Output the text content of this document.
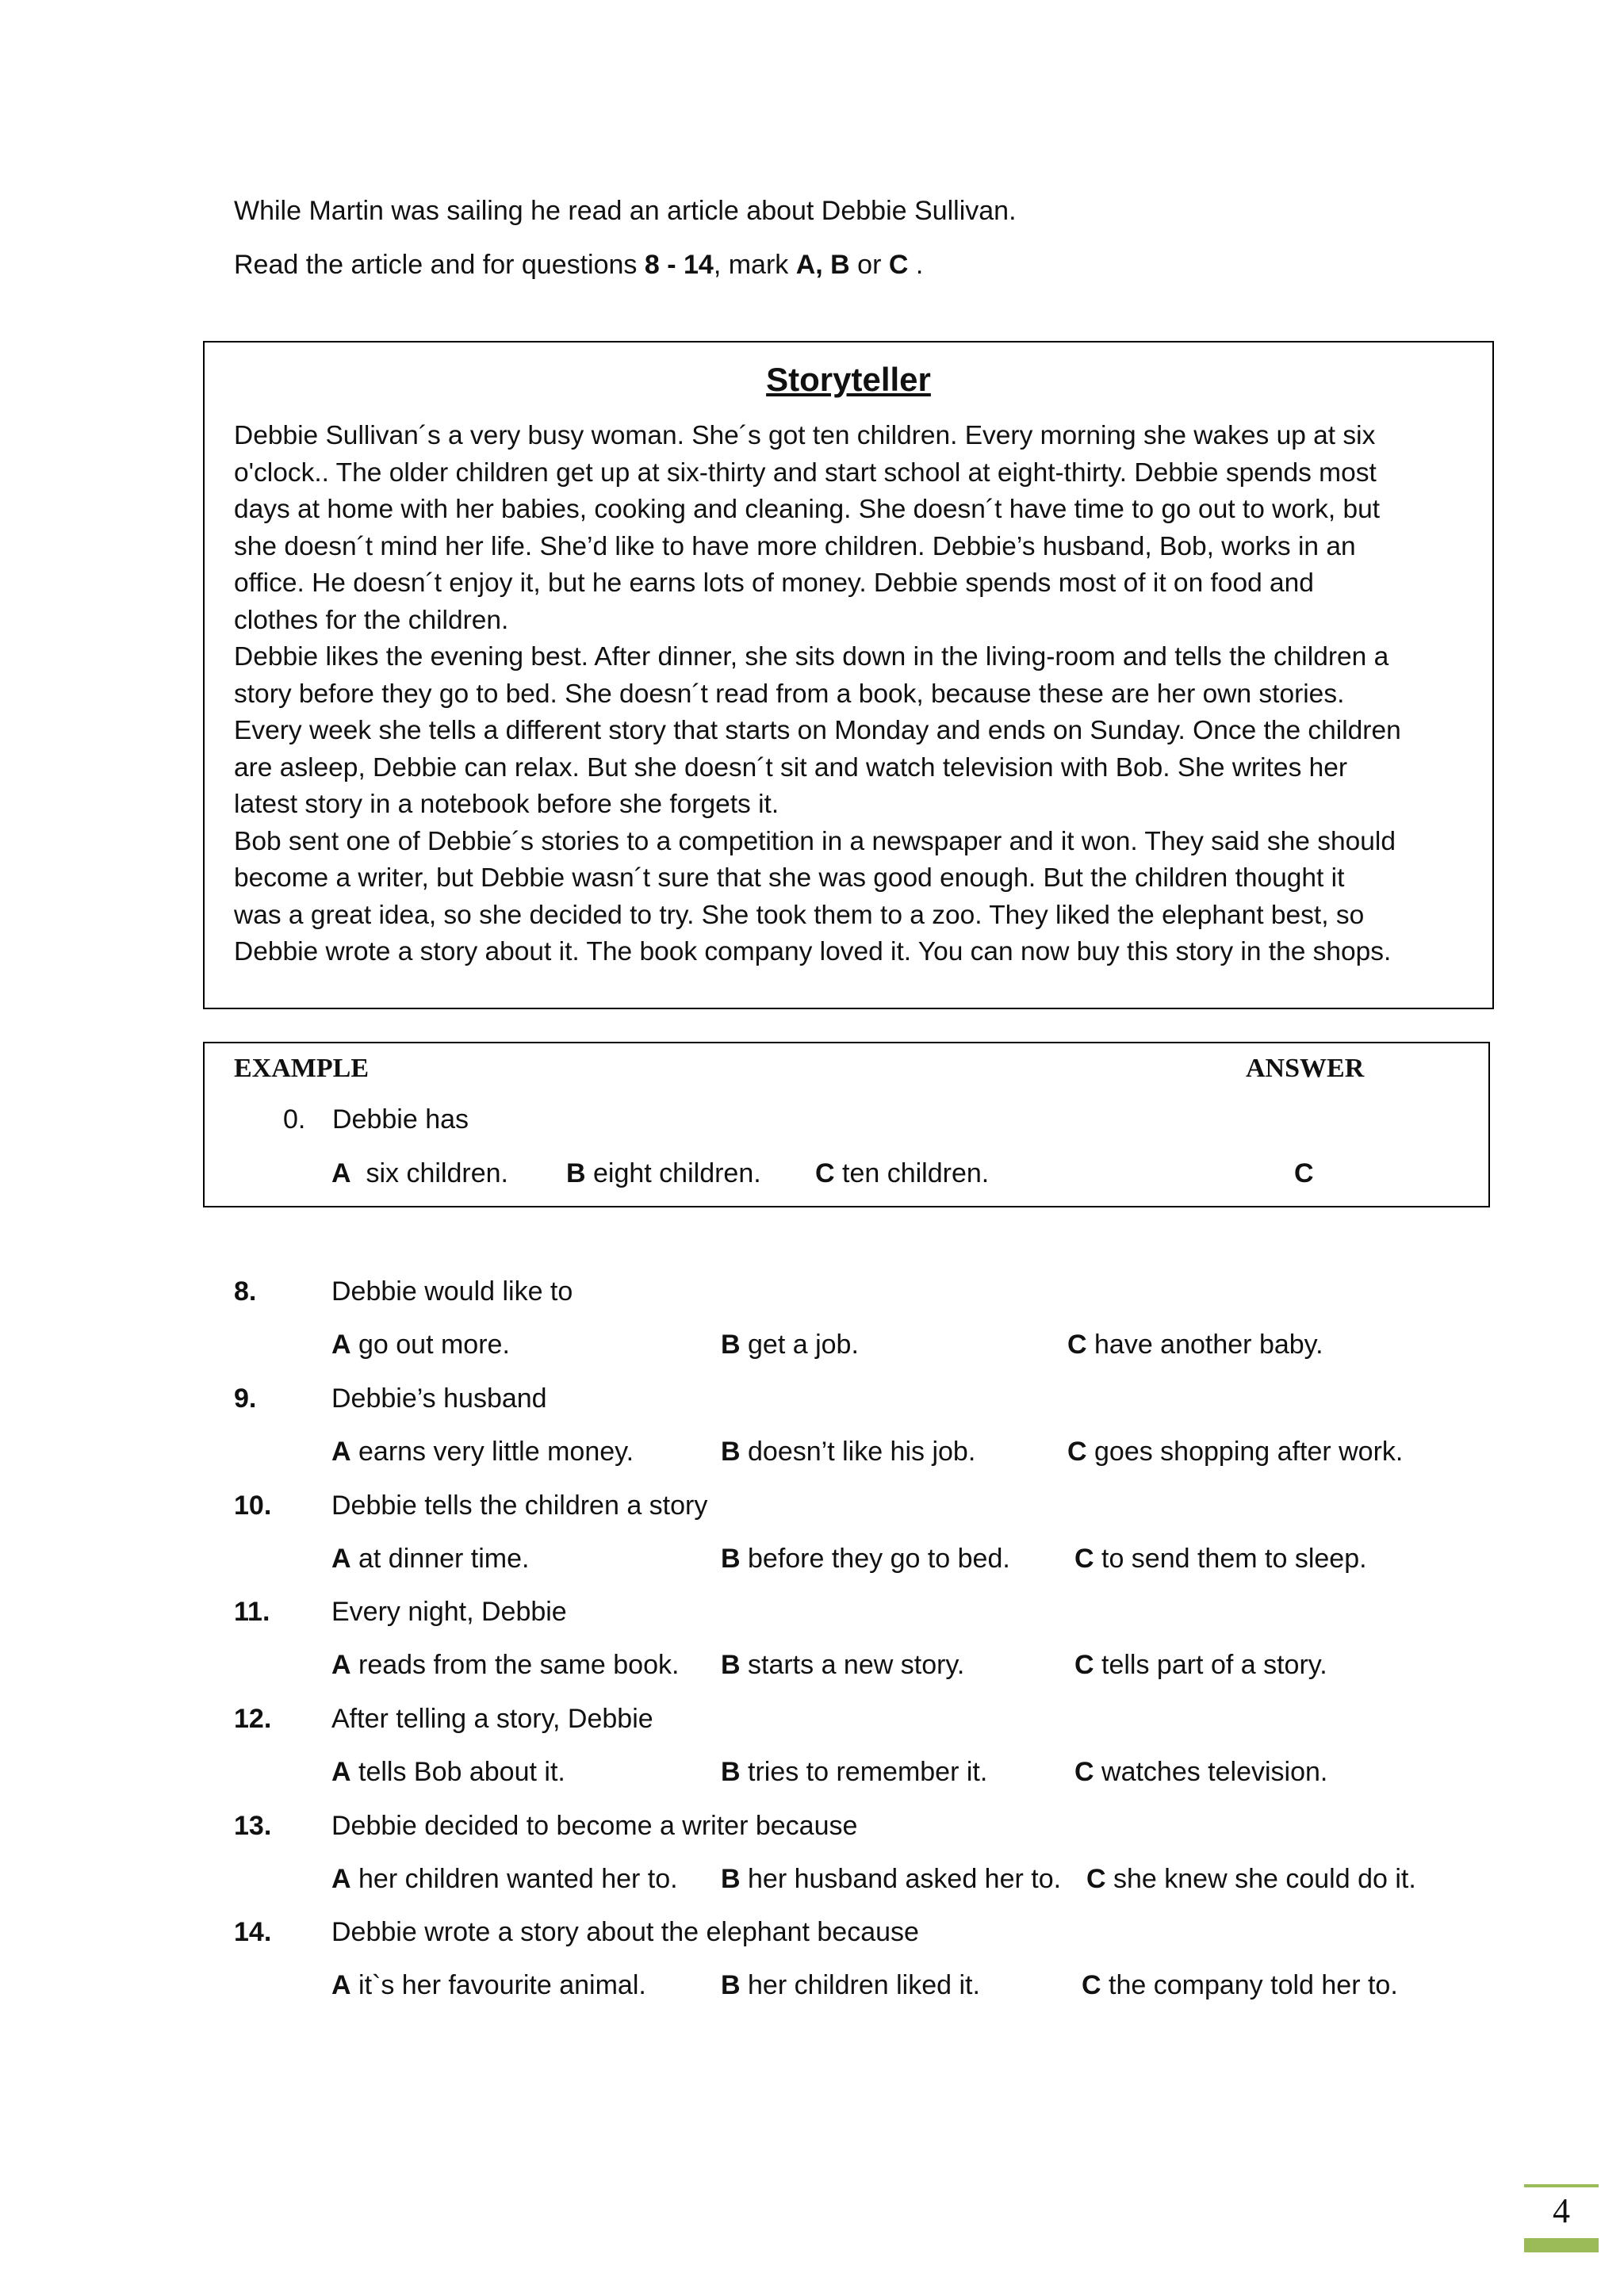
While Martin was sailing he read an article about Debbie Sullivan.
Read the article and for questions 8 - 14, mark A, B or C .
Storyteller

Debbie Sullivan´s a very busy woman. She´s got ten children. Every morning she wakes up at six

o'clock.. The older children get up at six-thirty and start school at eight-thirty. Debbie spends most

days at home with her babies, cooking and cleaning. She doesn´t have time to go out to work, but

she doesn´t mind her life. She’d like to have more children. Debbie’s husband, Bob, works in an

office. He doesn´t enjoy it, but he earns lots of money. Debbie spends most of it on food and

clothes for the children.

Debbie likes the evening best. After dinner, she sits down in the living-room and tells the children a

story before they go to bed. She doesn´t read from a book, because these are her own stories.

Every week she tells a different story that starts on Monday and ends on Sunday. Once the children

are asleep, Debbie can relax. But she doesn´t sit and watch television with Bob. She writes her

latest story in a notebook before she forgets it.

Bob sent one of Debbie´s stories to a competition in a newspaper and it won. They said she should

become a writer, but Debbie wasn´t sure that she was good enough. But the children thought it

was a great idea, so she decided to try. She took them to a zoo. They liked the elephant best, so

Debbie wrote a story about it. The book company loved it. You can now buy this story in the shops.

EXAMPLE	ANSWER
0. Debbie has
A  six children. B eight children. C ten children.	C
8.	Debbie would like to
A go out more.	B get a job.	C have another baby.
9.	Debbie’s husband
A earns very little money.	B doesn’t like his job.	C goes shopping after work.
10. Debbie tells the children a story
A at dinner time.	B before they go to bed. C to send them to sleep.
11. Every night, Debbie
A reads from the same book. B starts a new story.	C tells part of a story.
12. After telling a story, Debbie
A tells Bob about it.	B tries to remember it.	C watches television.
13. Debbie decided to become a writer because
A her children wanted her to. B her husband asked her to. C she knew she could do it.
14. Debbie wrote a story about the elephant because
A it`s her favourite animal.	B her children liked it.	C the company told her to.
4
